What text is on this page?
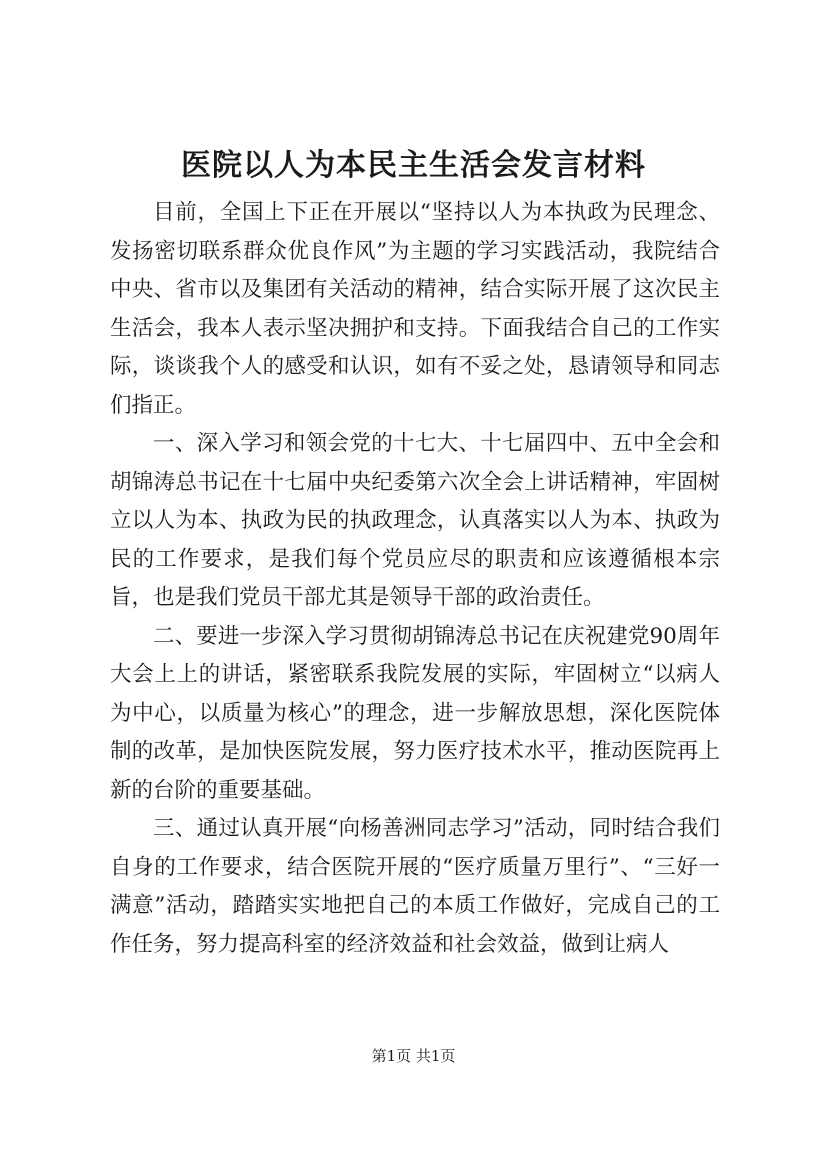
医院以人为本民主生活会发言材料

目前，全国上下正在开展以“坚持以人为本执政为民理念、发扬密切联系群众优良作风”为主题的学习实践活动，我院结合中央、省市以及集团有关活动的精神，结合实际开展了这次民主生活会，我本人表示坚决拥护和支持。下面我结合自己的工作实际，谈谈我个人的感受和认识，如有不妥之处，恳请领导和同志们指正。

一、深入学习和领会党的十七大、十七届四中、五中全会和胡锦涛总书记在十七届中央纪委第六次全会上讲话精神，牢固树立以人为本、执政为民的执政理念，认真落实以人为本、执政为民的工作要求，是我们每个党员应尽的职责和应该遵循根本宗旨，也是我们党员干部尤其是领导干部的政治责任。

二、要进一步深入学习贯彻胡锦涛总书记在庆祝建党90周年大会上上的讲话，紧密联系我院发展的实际，牢固树立“以病人为中心，以质量为核心”的理念，进一步解放思想，深化医院体制的改革，是加快医院发展，努力医疗技术水平，推动医院再上新的台阶的重要基础。

三、通过认真开展“向杨善洲同志学习”活动，同时结合我们自身的工作要求，结合医院开展的“医疗质量万里行”、“三好一满意”活动，踏踏实实地把自己的本质工作做好，完成自己的工作任务，努力提高科室的经济效益和社会效益，做到让病人

第1页 共1页
